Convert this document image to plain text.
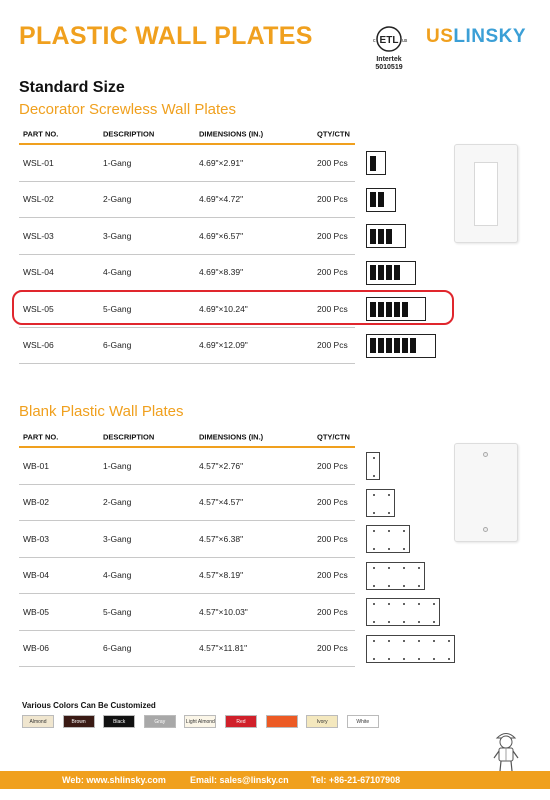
PLASTIC WALL PLATES	ETL
c	us
Intertek
5010519
USLINSKY
Standard Size
Decorator Screwless Wall Plates
PART NO.	DESCRIPTION	DIMENSIONS (IN.)	QTY/CTN
WSL-01	1-Gang	4.69"×2.91"	200 Pcs
WSL-02	2-Gang	4.69"×4.72"	200 Pcs
WSL-03	3-Gang	4.69"×6.57"	200 Pcs
WSL-04	4-Gang	4.69"×8.39"	200 Pcs
WSL-05	5-Gang	4.69"×10.24"	200 Pcs
WSL-06	6-Gang	4.69"×12.09"	200 Pcs
Blank Plastic Wall Plates
PART NO.	DESCRIPTION	DIMENSIONS (IN.)	QTY/CTN
WB-01	1-Gang	4.57"×2.76"	200 Pcs
WB-02	2-Gang	4.57"×4.57"	200 Pcs
WB-03	3-Gang	4.57"×6.38"	200 Pcs
WB-04	4-Gang	4.57"×8.19"	200 Pcs
WB-05	5-Gang	4.57"×10.03"	200 Pcs
WB-06	6-Gang	4.57"×11.81"	200 Pcs
Various Colors Can Be Customized
Almond	Brown	Black	Gray	Light Almond	Red	Ivory	White
Web: www.shlinsky.com	Email: sales@linsky.cn Tel: +86-21-67107908
